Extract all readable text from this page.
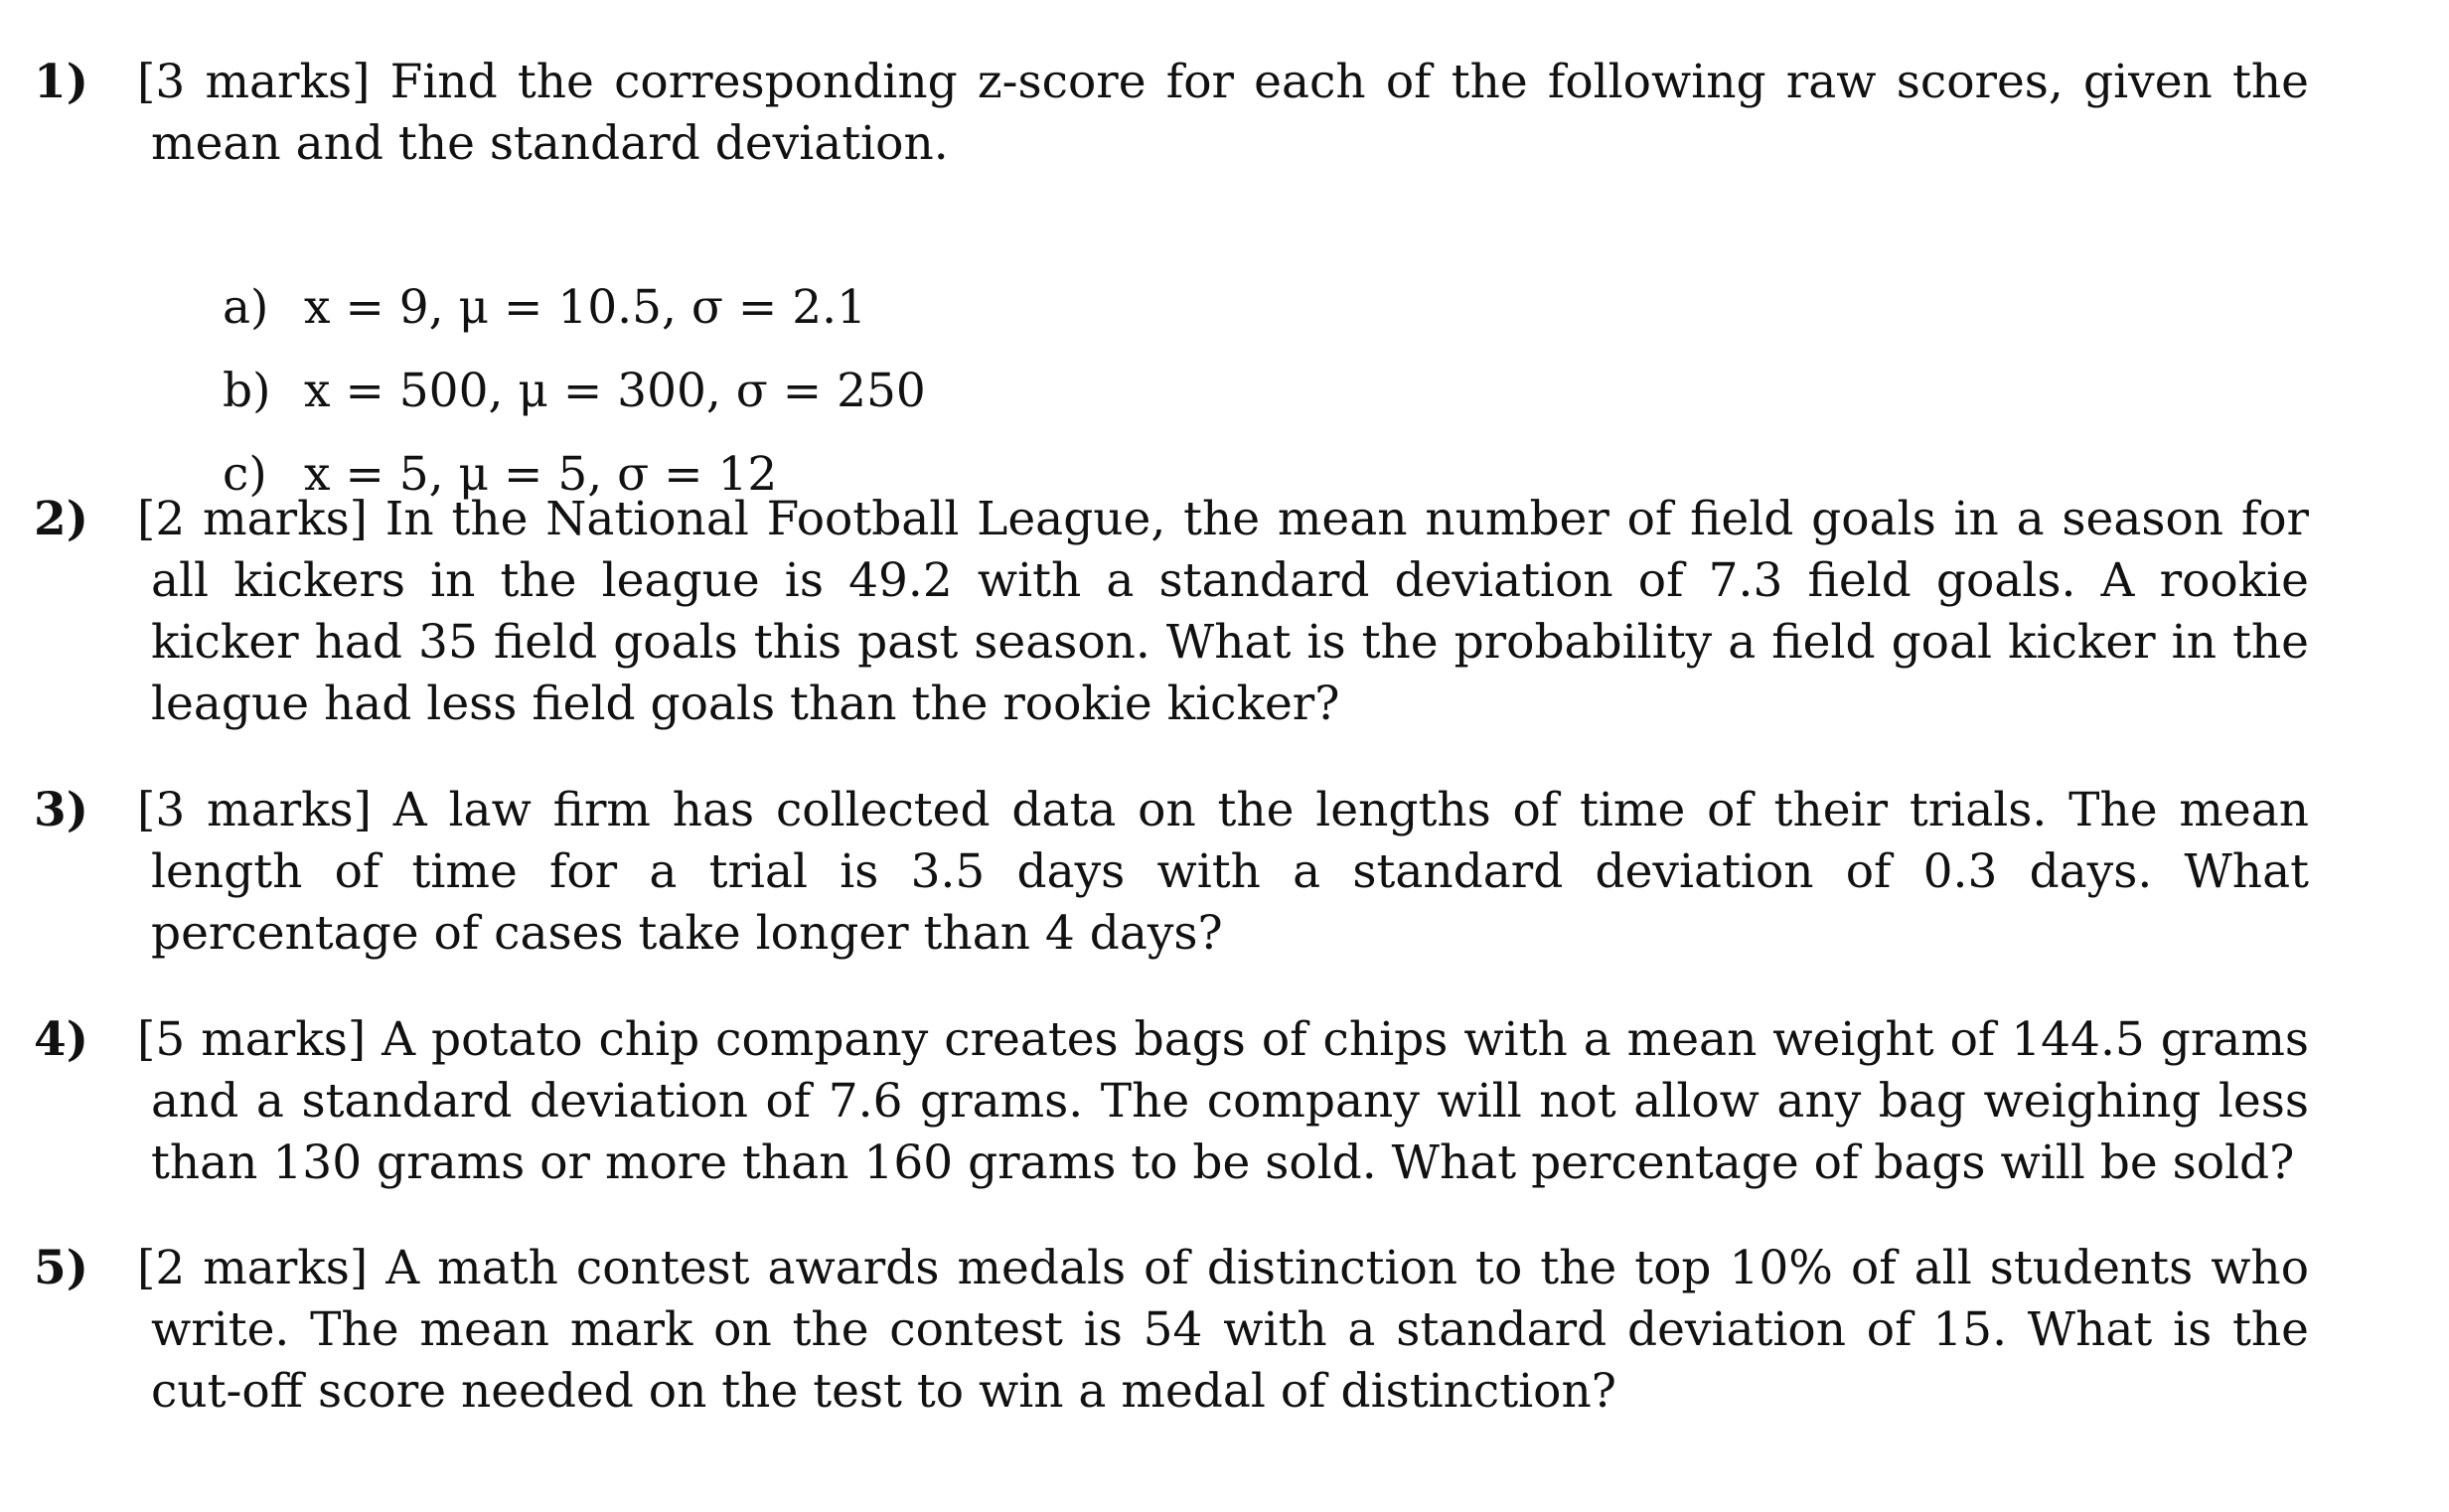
1) [3 marks] Find the corresponding z-score for each of the following raw scores, given the mean and the standard deviation.
a) x = 9, μ = 10.5, σ = 2.1
b) x = 500, μ = 300, σ = 250
c) x = 5, μ = 5, σ = 12
2) [2 marks] In the National Football League, the mean number of field goals in a season for all kickers in the league is 49.2 with a standard deviation of 7.3 field goals. A rookie kicker had 35 field goals this past season. What is the probability a field goal kicker in the league had less field goals than the rookie kicker?
3) [3 marks] A law firm has collected data on the lengths of time of their trials. The mean length of time for a trial is 3.5 days with a standard deviation of 0.3 days. What percentage of cases take longer than 4 days?
4) [5 marks] A potato chip company creates bags of chips with a mean weight of 144.5 grams and a standard deviation of 7.6 grams. The company will not allow any bag weighing less than 130 grams or more than 160 grams to be sold. What percentage of bags will be sold?
5) [2 marks] A math contest awards medals of distinction to the top 10% of all students who write. The mean mark on the contest is 54 with a standard deviation of 15. What is the cut-off score needed on the test to win a medal of distinction?
